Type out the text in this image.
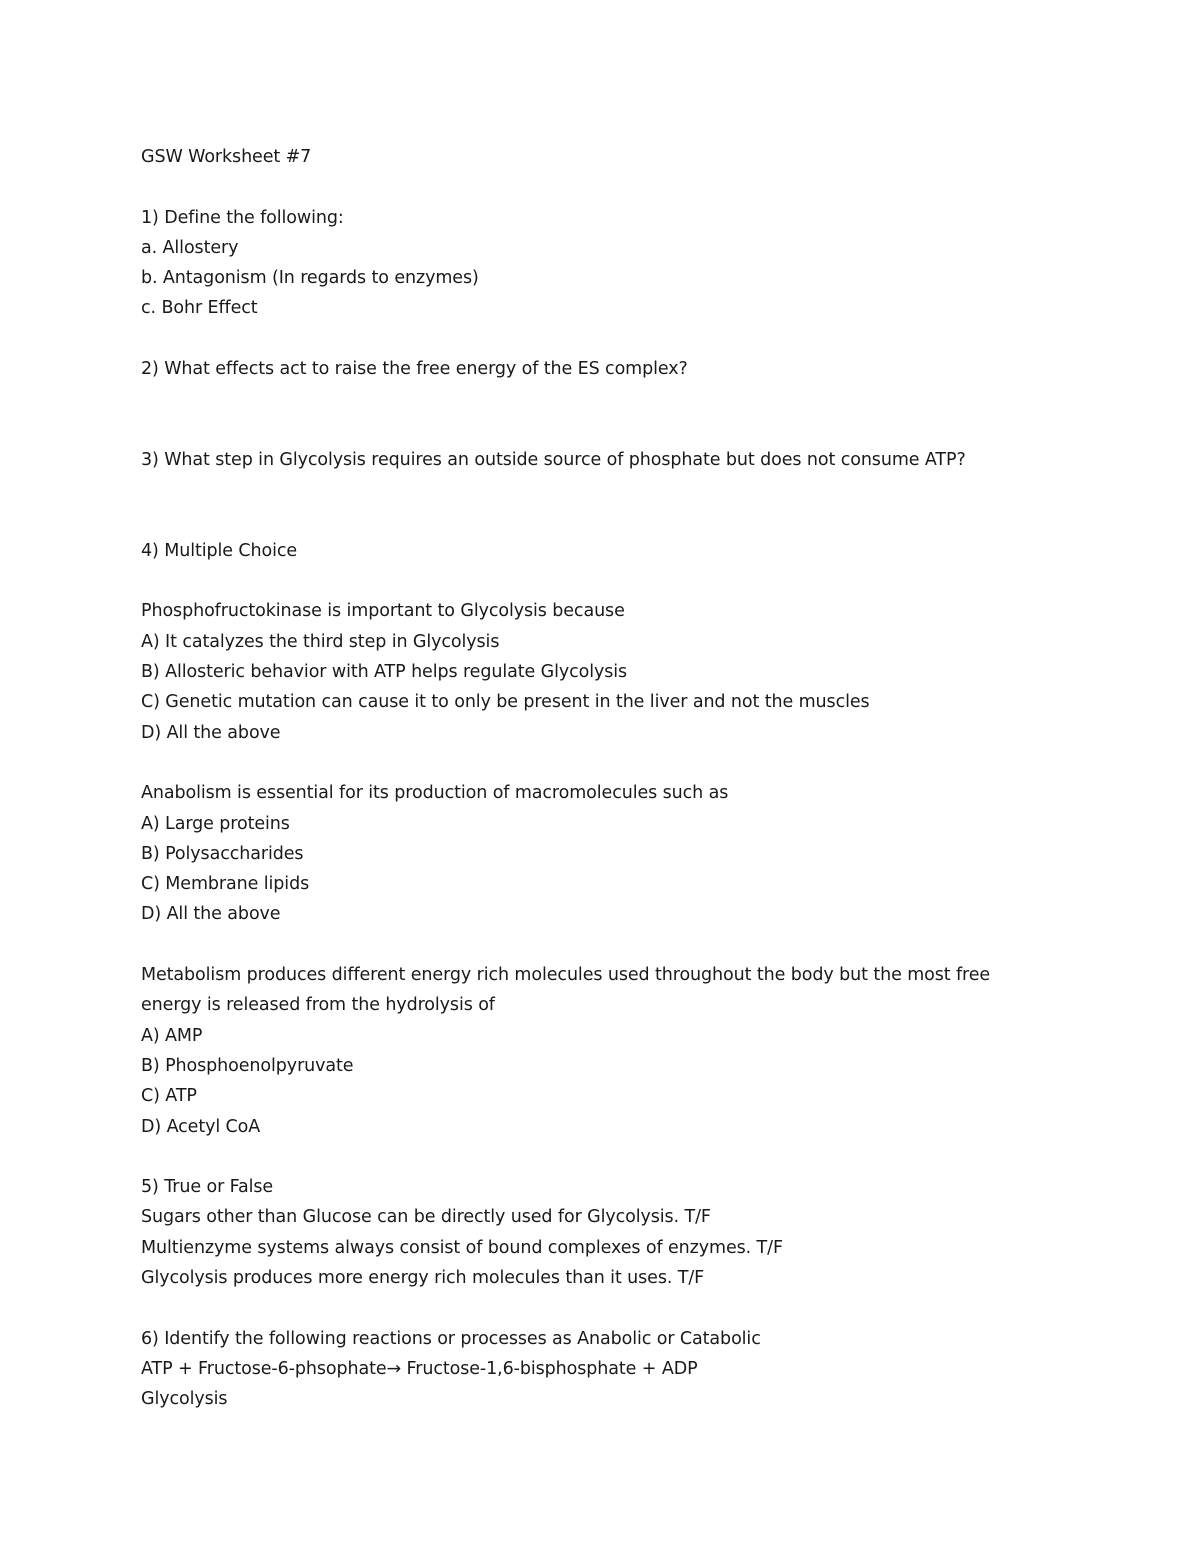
GSW Worksheet #7
1) Define the following:
a. Allostery
b. Antagonism (In regards to enzymes)
c. Bohr Effect
2) What effects act to raise the free energy of the ES complex?
3) What step in Glycolysis requires an outside source of phosphate but does not consume ATP?
4) Multiple Choice
Phosphofructokinase is important to Glycolysis because
A) It catalyzes the third step in Glycolysis
B) Allosteric behavior with ATP helps regulate Glycolysis
C) Genetic mutation can cause it to only be present in the liver and not the muscles
D) All the above
Anabolism is essential for its production of macromolecules such as
A) Large proteins
B) Polysaccharides
C) Membrane lipids
D) All the above
Metabolism produces different energy rich molecules used throughout the body but the most free
energy is released from the hydrolysis of
A) AMP
B) Phosphoenolpyruvate
C) ATP
D) Acetyl CoA
5) True or False
Sugars other than Glucose can be directly used for Glycolysis. T/F
Multienzyme systems always consist of bound complexes of enzymes. T/F
Glycolysis produces more energy rich molecules than it uses. T/F
6) Identify the following reactions or processes as Anabolic or Catabolic
ATP + Fructose-6-phsophate→ Fructose-1,6-bisphosphate + ADP
Glycolysis
